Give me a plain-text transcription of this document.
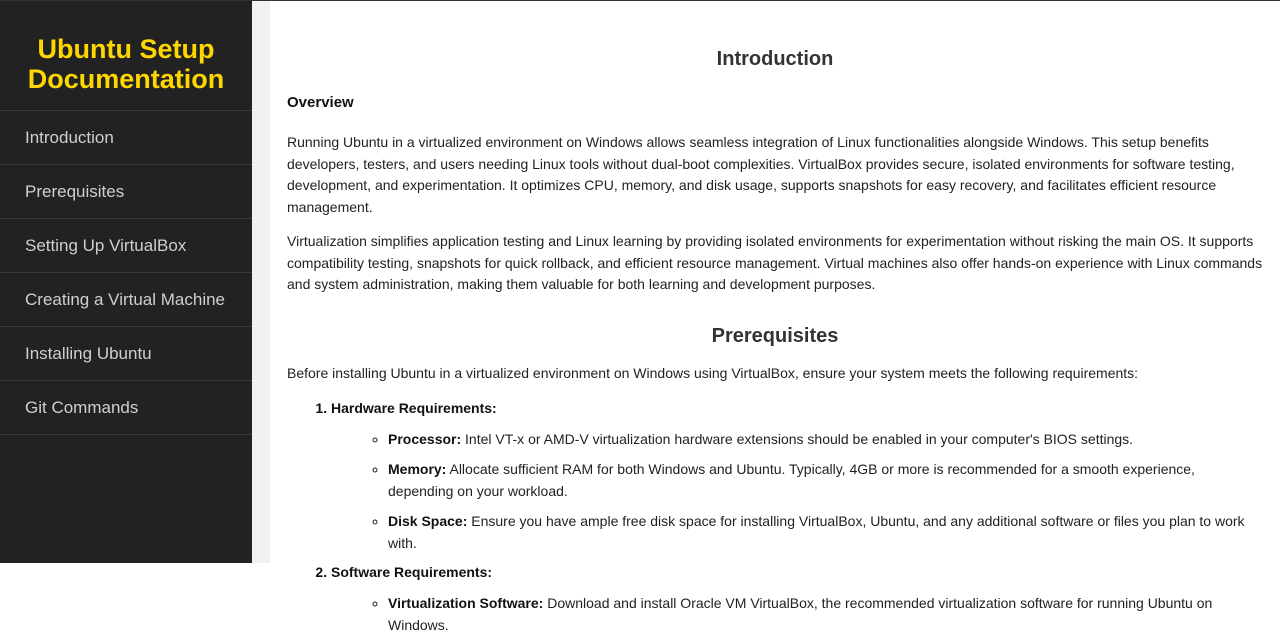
Ubuntu Setup Documentation
Introduction
Prerequisites
Setting Up VirtualBox
Creating a Virtual Machine
Installing Ubuntu
Git Commands
Introduction
Overview

Running Ubuntu in a virtualized environment on Windows allows seamless integration of Linux functionalities alongside Windows. This setup benefits developers, testers, and users needing Linux tools without dual-boot complexities. VirtualBox provides secure, isolated environments for software testing, development, and experimentation. It optimizes CPU, memory, and disk usage, supports snapshots for easy recovery, and facilitates efficient resource management.

Virtualization simplifies application testing and Linux learning by providing isolated environments for experimentation without risking the main OS. It supports compatibility testing, snapshots for quick rollback, and efficient resource management. Virtual machines also offer hands-on experience with Linux commands and system administration, making them valuable for both learning and development purposes.

Prerequisites

Before installing Ubuntu in a virtualized environment on Windows using VirtualBox, ensure your system meets the following requirements:

1. Hardware Requirements:
◦ Processor: Intel VT-x or AMD-V virtualization hardware extensions should be enabled in your computer's BIOS settings.
◦ Memory: Allocate sufficient RAM for both Windows and Ubuntu. Typically, 4GB or more is recommended for a smooth experience, depending on your workload.
◦ Disk Space: Ensure you have ample free disk space for installing VirtualBox, Ubuntu, and any additional software or files you plan to work with.
2. Software Requirements:
◦ Virtualization Software: Download and install Oracle VM VirtualBox, the recommended virtualization software for running Ubuntu on Windows.
